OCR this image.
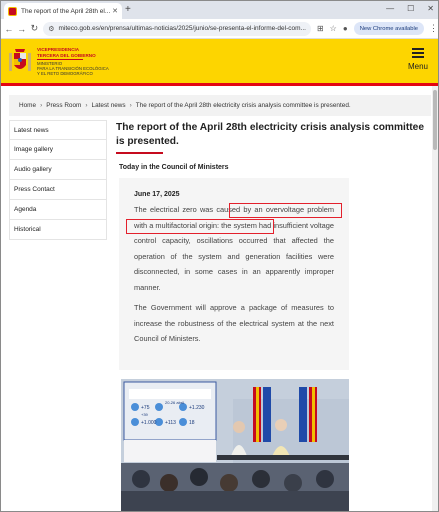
The report of the April 28th el... ✕ +	— ☐ ✕
← → ↻ ⚙ miteco.gob.es/en/prensa/ultimas-noticias/2025/junio/se-presenta-el-informe-del-com... ⊞ ☆ ●	New Chrome available	⋮
VICEPRESIDENCIA
TERCERA DEL GOBIERNO
MINISTERIO
PARA LA TRANSICIÓN ECOLÓGICA
Y EL RETO DEMOGRÁFICO
Menu
Home › Press Room › Latest news › The report of the April 28th electricity crisis analysis committee is presented.
Latest news
Image gallery
Audio gallery
Press Contact
Agenda
Historical
The report of the April 28th electricity crisis analysis committee is presented.
Today in the Council of Ministers
June 17, 2025
The electrical zero was caused by an overvoltage problem with a multifactorial origin: the system had insufficient voltage control capacity, oscillations occurred that affected the operation of the system and generation facilities were disconnected, in some cases in an apparently improper manner.
The Government will approve a package of measures to increase the robustness of the electrical system at the next Council of Ministers.
+75
20-26 abril
+1.230
+1.000 +113	18
+39
